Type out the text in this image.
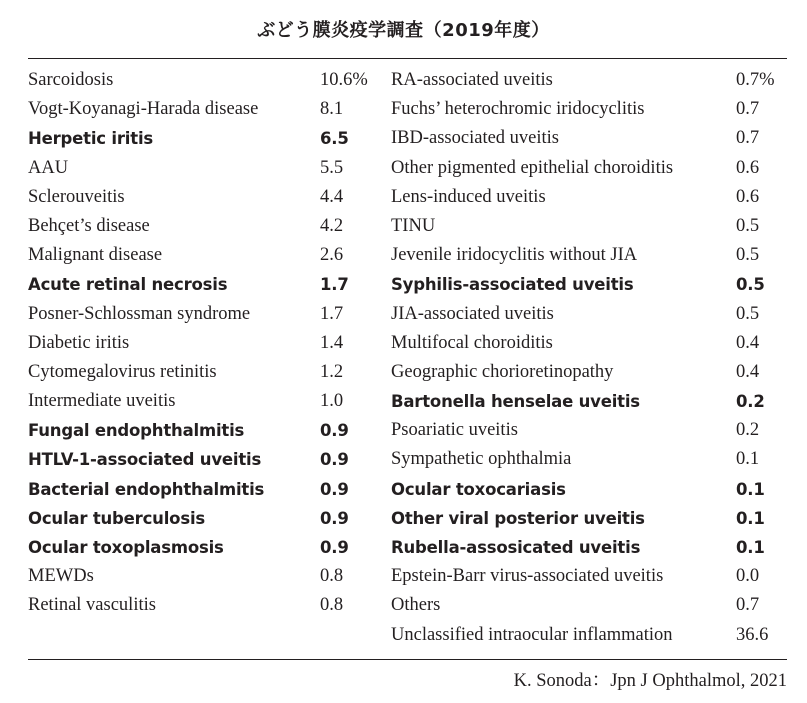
ぶどう膜炎疫学調査（2019年度）
Sarcoidosis	10.6%
Vogt-Koyanagi-Harada disease	8.1
Herpetic iritis	6.5
AAU	5.5
Sclerouveitis	4.4
Behçet’s disease	4.2
Malignant disease	2.6
Acute retinal necrosis	1.7
Posner-Schlossman syndrome	1.7
Diabetic iritis	1.4
Cytomegalovirus retinitis	1.2
Intermediate uveitis	1.0
Fungal endophthalmitis	0.9
HTLV-1-associated uveitis	0.9
Bacterial endophthalmitis	0.9
Ocular tuberculosis	0.9
Ocular toxoplasmosis	0.9
MEWDs	0.8
Retinal vasculitis	0.8
RA-associated uveitis	0.7%
Fuchs’ heterochromic iridocyclitis	0.7
IBD-associated uveitis	0.7
Other pigmented epithelial choroiditis	0.6
Lens-induced uveitis	0.6
TINU	0.5
Jevenile iridocyclitis without JIA	0.5
Syphilis-associated uveitis	0.5
JIA-associated uveitis	0.5
Multifocal choroiditis	0.4
Geographic chorioretinopathy	0.4
Bartonella henselae uveitis	0.2
Psoariatic uveitis	0.2
Sympathetic ophthalmia	0.1
Ocular toxocariasis	0.1
Other viral posterior uveitis	0.1
Rubella-assosicated uveitis	0.1
Epstein-Barr virus-associated uveitis	0.0
Others	0.7
Unclassified intraocular inflammation	36.6
K. Sonoda：Jpn J Ophthalmol, 2021
